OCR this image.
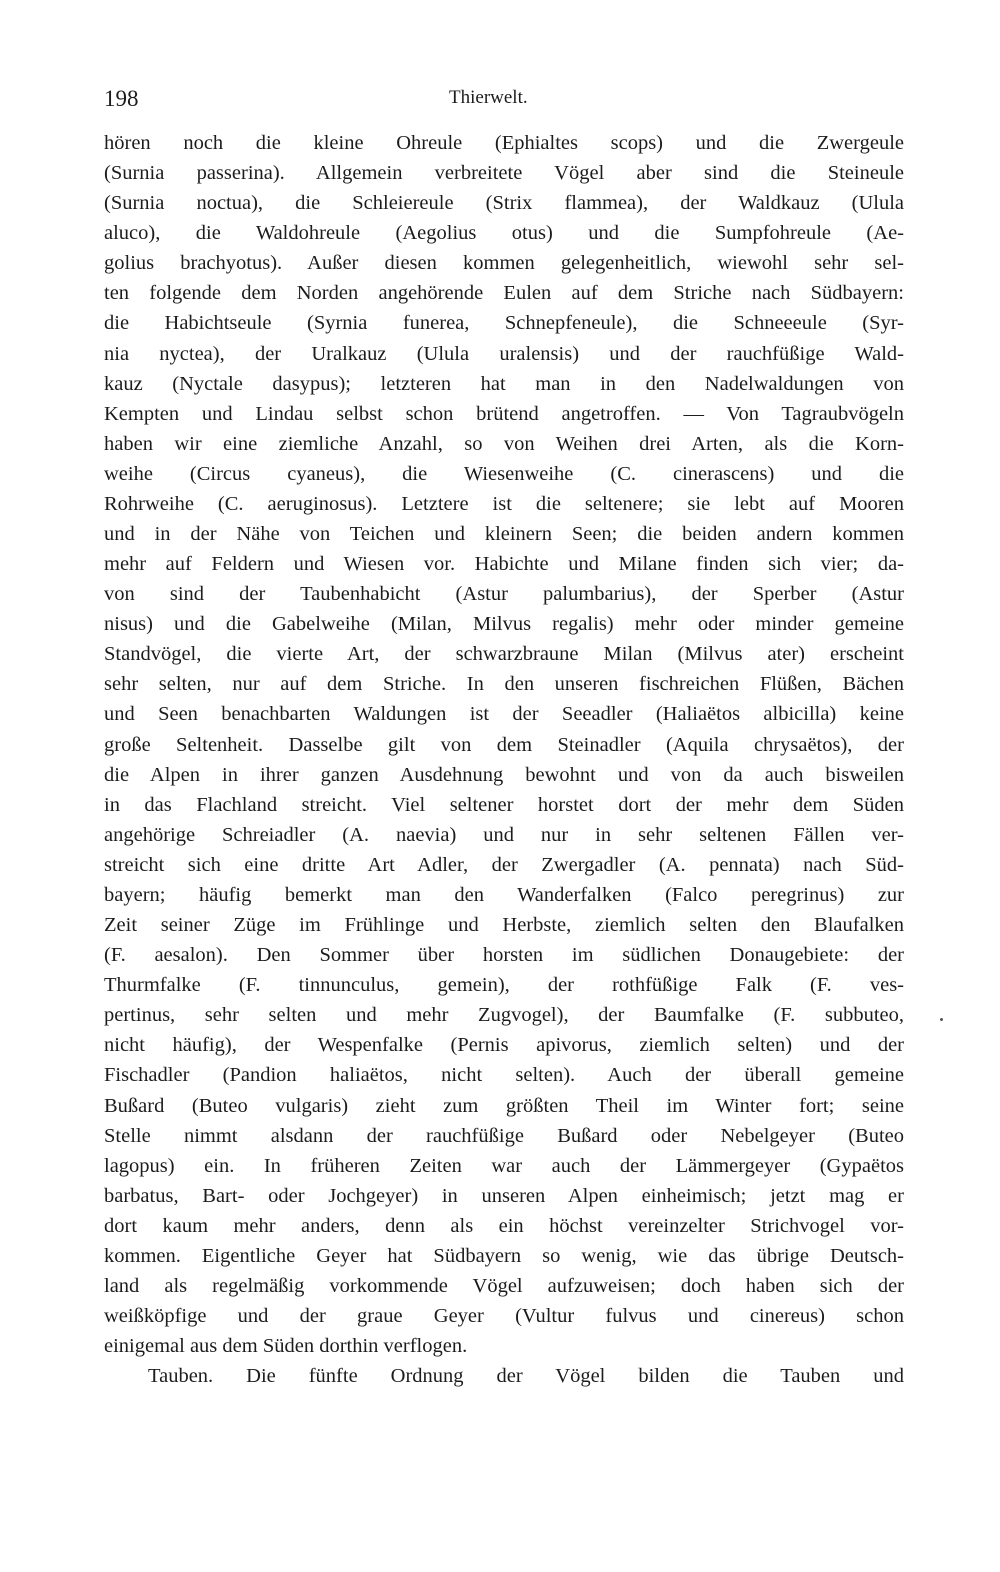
198	Thierwelt.
hören noch die kleine Ohreule (Ephialtes scops) und die Zwergeule
(Surnia passerina). Allgemein verbreitete Vögel aber sind die Steineule
(Surnia noctua), die Schleiereule (Strix flammea), der Waldkauz (Ulula
aluco), die Waldohreule (Aegolius otus) und die Sumpfohreule (Ae-
golius brachyotus). Außer diesen kommen gelegenheitlich, wiewohl sehr sel-
ten folgende dem Norden angehörende Eulen auf dem Striche nach Südbayern:
die Habichtseule (Syrnia funerea, Schnepfeneule), die Schneeeule (Syr-
nia nyctea), der Uralkauz (Ulula uralensis) und der rauchfüßige Wald-
kauz (Nyctale dasypus); letzteren hat man in den Nadelwaldungen von
Kempten und Lindau selbst schon brütend angetroffen. — Von Tagraubvögeln
haben wir eine ziemliche Anzahl, so von Weihen drei Arten, als die Korn-
weihe (Circus cyaneus), die Wiesenweihe (C. cinerascens) und die
Rohrweihe (C. aeruginosus). Letztere ist die seltenere; sie lebt auf Mooren
und in der Nähe von Teichen und kleinern Seen; die beiden andern kommen
mehr auf Feldern und Wiesen vor. Habichte und Milane finden sich vier; da-
von sind der Taubenhabicht (Astur palumbarius), der Sperber (Astur
nisus) und die Gabelweihe (Milan, Milvus regalis) mehr oder minder gemeine
Standvögel, die vierte Art, der schwarzbraune Milan (Milvus ater) erscheint
sehr selten, nur auf dem Striche. In den unseren fischreichen Flüßen, Bächen
und Seen benachbarten Waldungen ist der Seeadler (Haliaëtos albicilla) keine
große Seltenheit. Dasselbe gilt von dem Steinadler (Aquila chrysaëtos), der
die Alpen in ihrer ganzen Ausdehnung bewohnt und von da auch bisweilen
in das Flachland streicht. Viel seltener horstet dort der mehr dem Süden
angehörige Schreiadler (A. naevia) und nur in sehr seltenen Fällen ver-
streicht sich eine dritte Art Adler, der Zwergadler (A. pennata) nach Süd-
bayern; häufig bemerkt man den Wanderfalken (Falco peregrinus) zur
Zeit seiner Züge im Frühlinge und Herbste, ziemlich selten den Blaufalken
(F. aesalon). Den Sommer über horsten im südlichen Donaugebiete: der
Thurmfalke (F. tinnunculus, gemein), der rothfüßige Falk (F. ves-
pertinus, sehr selten und mehr Zugvogel), der Baumfalke (F. subbuteo,
nicht häufig), der Wespenfalke (Pernis apivorus, ziemlich selten) und der
Fischadler (Pandion haliaëtos, nicht selten). Auch der überall gemeine
Bußard (Buteo vulgaris) zieht zum größten Theil im Winter fort; seine
Stelle nimmt alsdann der rauchfüßige Bußard oder Nebelgeyer (Buteo
lagopus) ein. In früheren Zeiten war auch der Lämmergeyer (Gypaëtos
barbatus, Bart- oder Jochgeyer) in unseren Alpen einheimisch; jetzt mag er
dort kaum mehr anders, denn als ein höchst vereinzelter Strichvogel vor-
kommen. Eigentliche Geyer hat Südbayern so wenig, wie das übrige Deutsch-
land als regelmäßig vorkommende Vögel aufzuweisen; doch haben sich der
weißköpfige und der graue Geyer (Vultur fulvus und cinereus) schon
einigemal aus dem Süden dorthin verflogen.
Tauben. Die fünfte Ordnung der Vögel bilden die Tauben und
